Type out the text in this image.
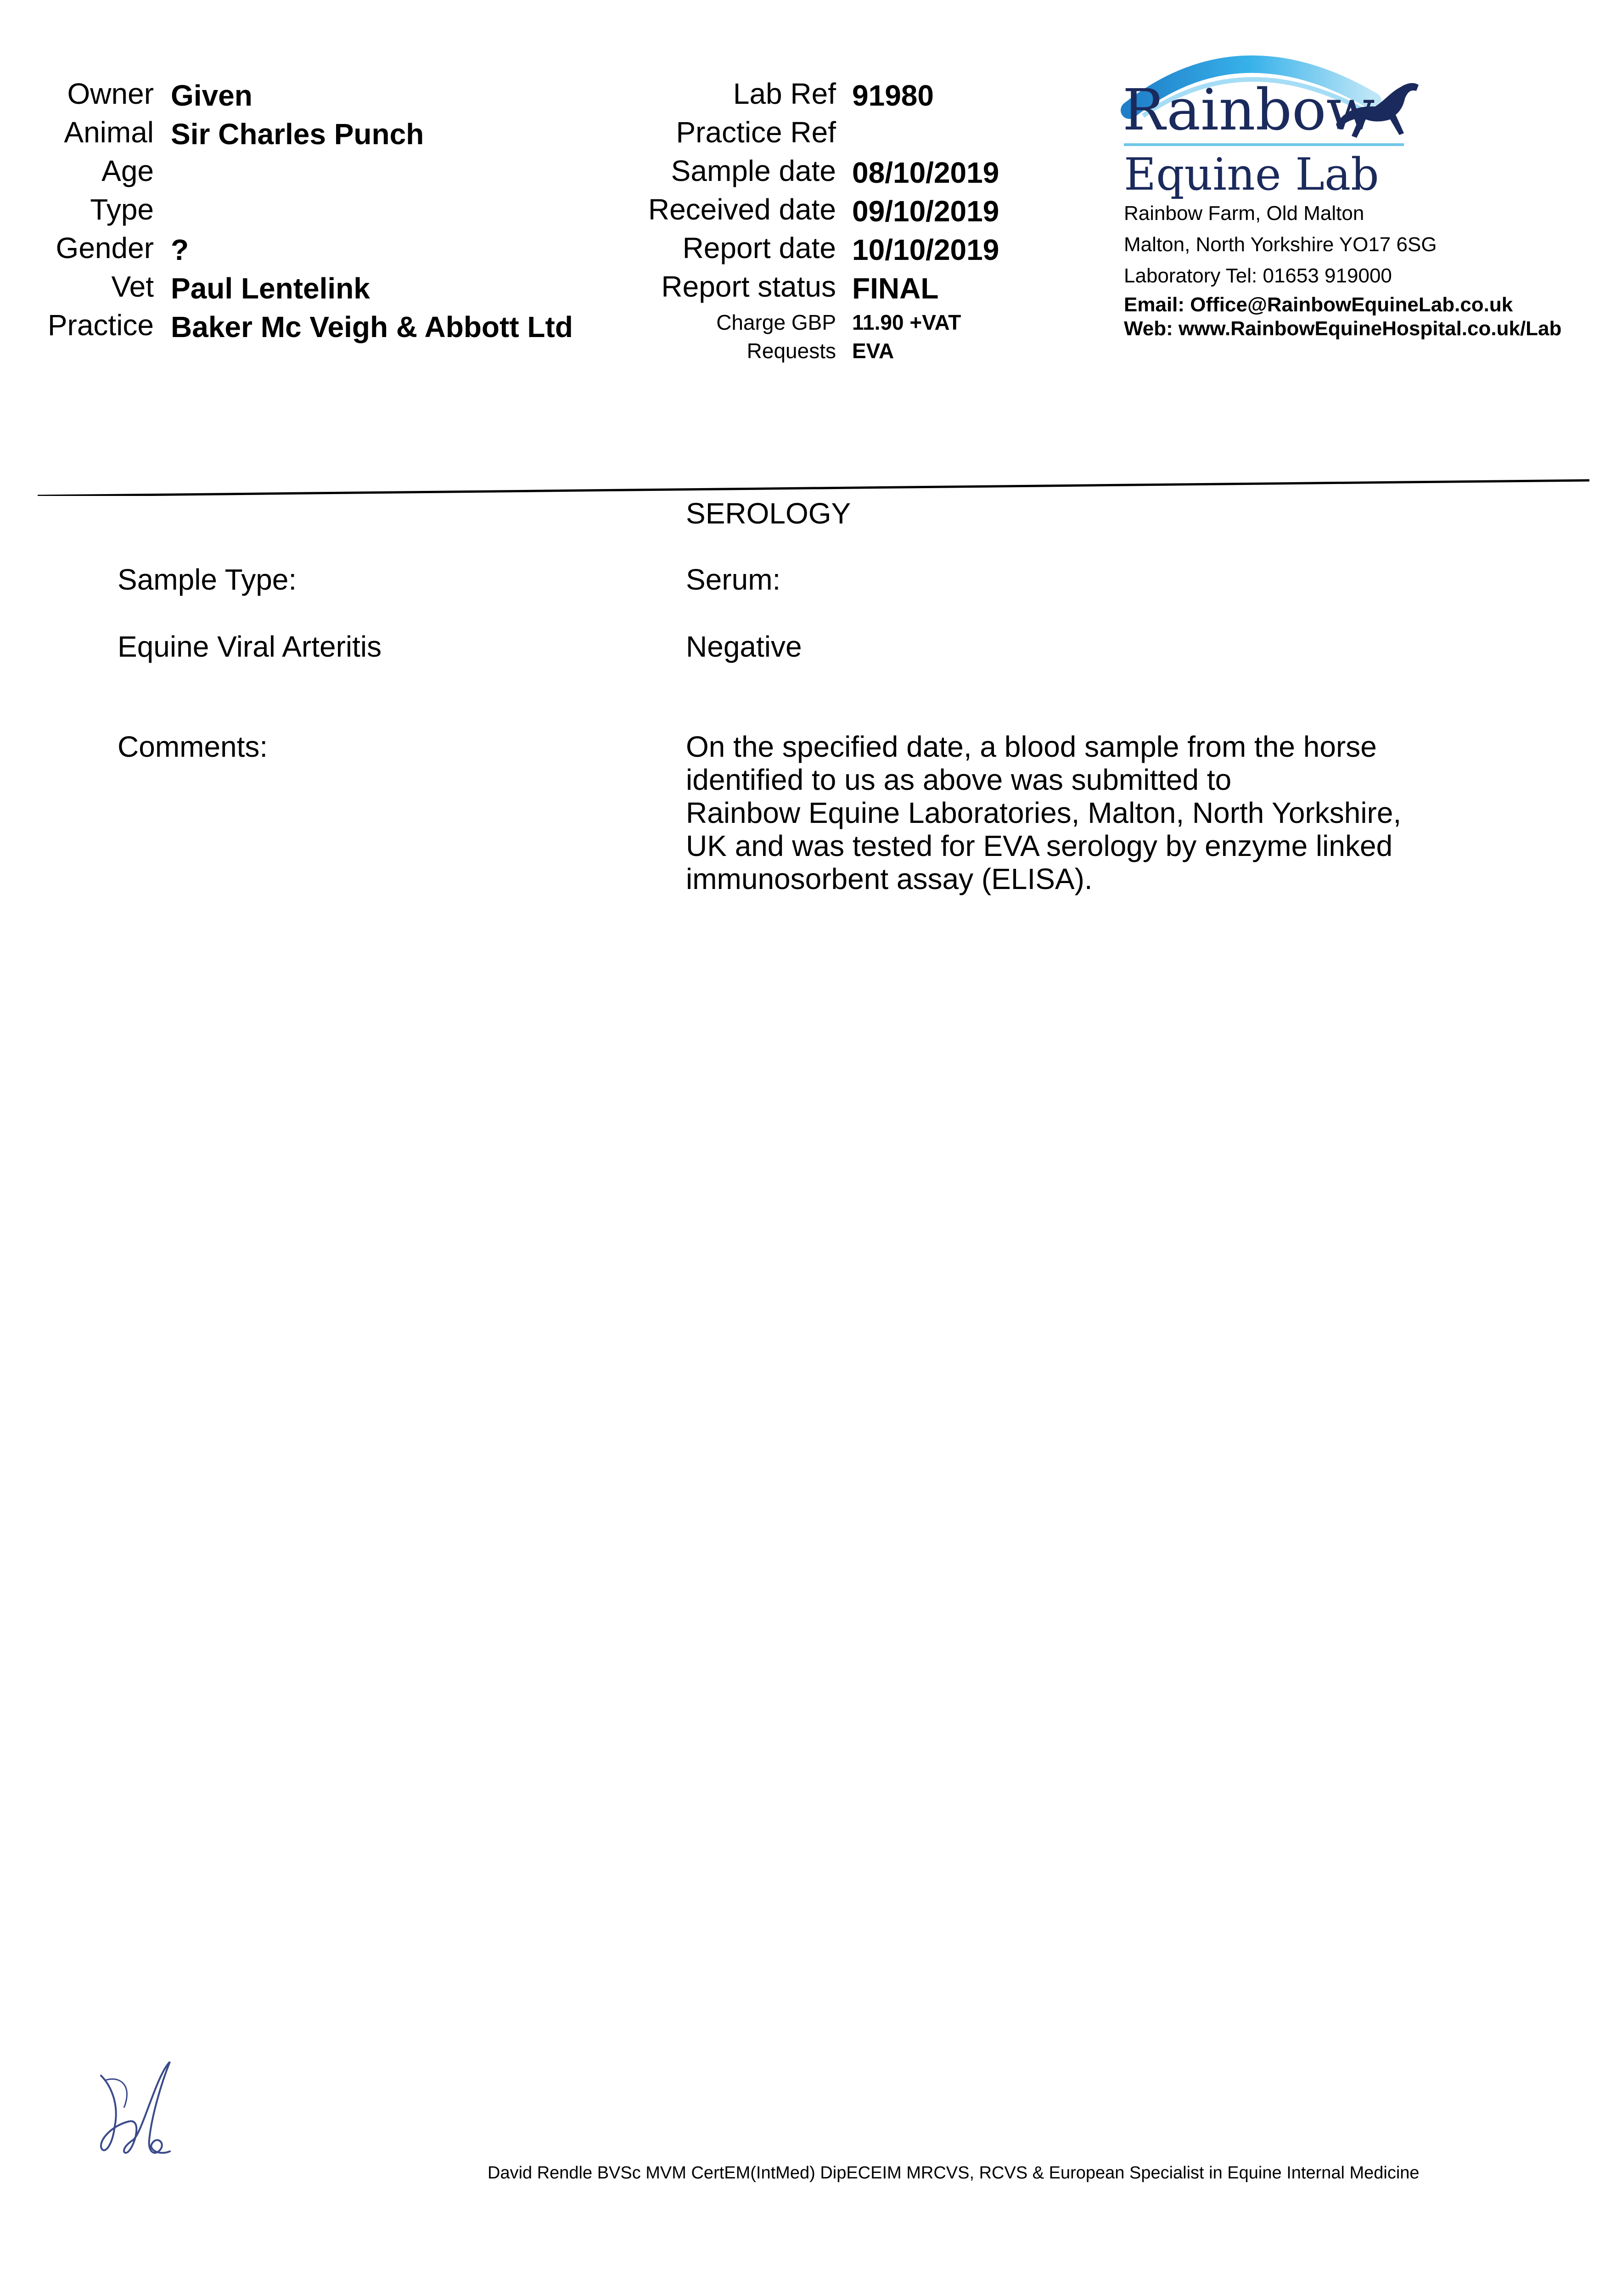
Owner Given
Animal Sir Charles Punch
Age
Type
Gender ?
Vet Paul Lentelink
Practice Baker Mc Veigh & Abbott Ltd
Lab Ref 91980
Practice Ref
Sample date 08/10/2019
Received date 09/10/2019
Report date 10/10/2019
Report status FINAL
Charge GBP 11.90 +VAT
Requests EVA
Rainbow
Equine Lab
Rainbow Farm, Old Malton
Malton, North Yorkshire YO17 6SG
Laboratory Tel: 01653 919000
Email: Office@RainbowEquineLab.co.uk
Web: www.RainbowEquineHospital.co.uk/Lab
SEROLOGY
Sample Type:	Serum:
Equine Viral Arteritis	Negative
Comments:	On the specified date, a blood sample from the horse
identified to us as above was submitted to
Rainbow Equine Laboratories, Malton, North Yorkshire,
UK and was tested for EVA serology by enzyme linked
immunosorbent assay (ELISA).
David Rendle BVSc MVM CertEM(IntMed) DipECEIM MRCVS, RCVS & European Specialist in Equine Internal Medicine
